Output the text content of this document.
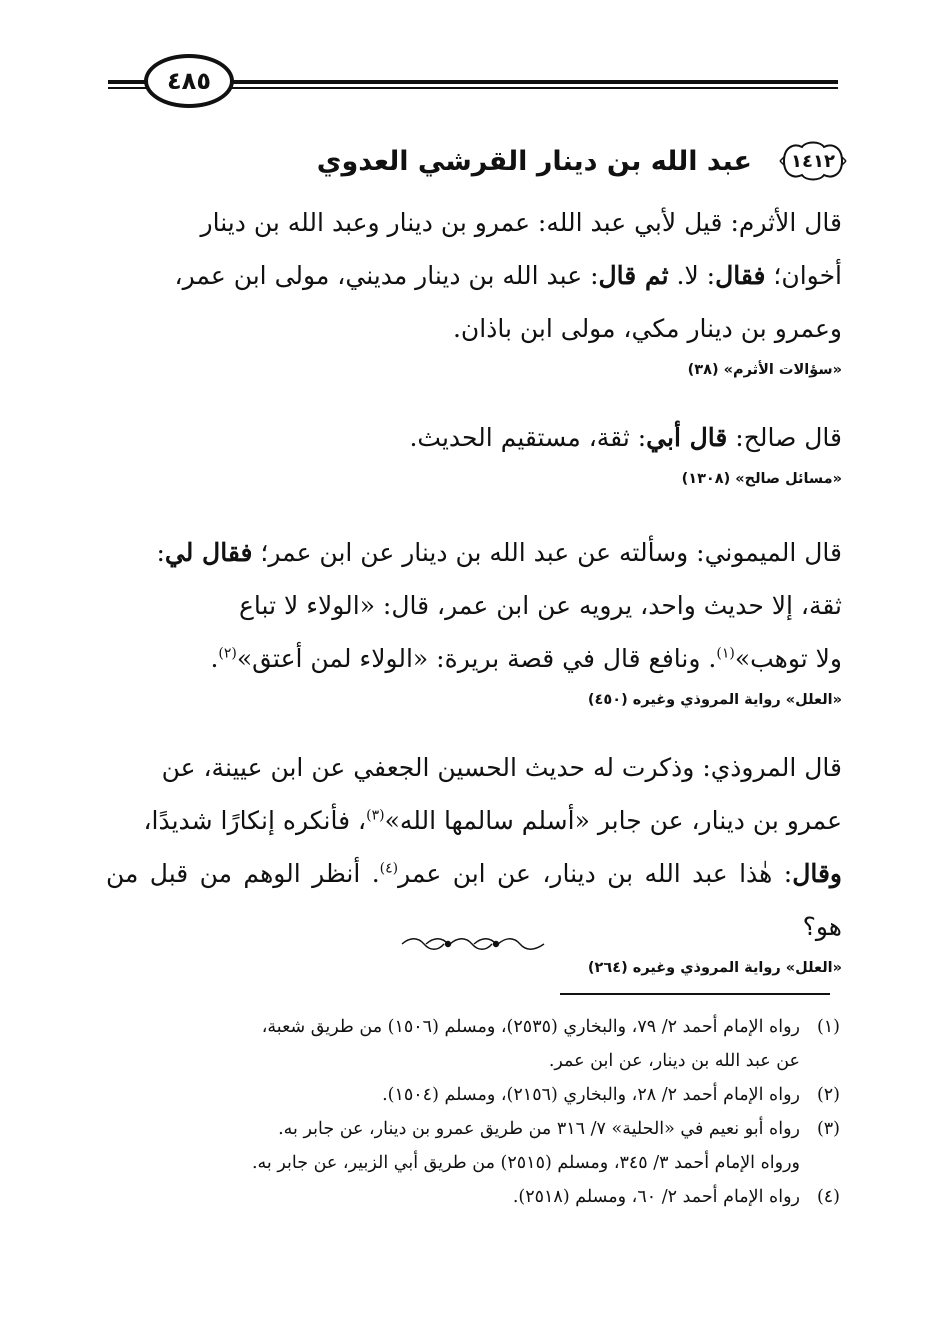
٤٨٥
١٤١٢
عبد الله بن دينار القرشي العدوي

قال الأثرم: قيل لأبي عبد الله: عمرو بن دينار وعبد الله بن دينار
أخوان؛ فقال: لا. ثم قال: عبد الله بن دينار مديني، مولى ابن عمر،
وعمرو بن دينار مكي، مولى ابن باذان.

«سؤالات الأثرم» (٣٨)

قال صالح: قال أبي: ثقة، مستقيم الحديث.

«مسائل صالح» (١٣٠٨)

قال الميموني: وسألته عن عبد الله بن دينار عن ابن عمر؛ فقال لي:
ثقة، إلا حديث واحد، يرويه عن ابن عمر، قال: «الولاء لا تباع
ولا توهب»$^{(١)}$. ونافع قال في قصة بريرة: «الولاء لمن أعتق»$^{(٢)}$.

«العلل» رواية المروذي وغيره (٤٥٠)

قال المروذي: وذكرت له حديث الحسين الجعفي عن ابن عيينة، عن
عمرو بن دينار، عن جابر «أسلم سالمها الله»$^{(٣)}$، فأنكره إنكارًا شديدًا،
وقال: هٰذا عبد الله بن دينار، عن ابن عمر$^{(٤)}$. أنظر الوهم من قبل من هو؟

«العلل» رواية المروذي وغيره (٢٦٤)

(١)
رواه الإمام أحمد ٢/ ٧٩، والبخاري (٢٥٣٥)، ومسلم (١٥٠٦) من طريق شعبة،
عن عبد الله بن دينار، عن ابن عمر.
(٢)
رواه الإمام أحمد ٢/ ٢٨، والبخاري (٢١٥٦)، ومسلم (١٥٠٤).
(٣)
رواه أبو نعيم في «الحلية» ٧/ ٣١٦ من طريق عمرو بن دينار، عن جابر به.
ورواه الإمام أحمد ٣/ ٣٤٥، ومسلم (٢٥١٥) من طريق أبي الزبير، عن جابر به.
(٤)
رواه الإمام أحمد ٢/ ٦٠، ومسلم (٢٥١٨).
